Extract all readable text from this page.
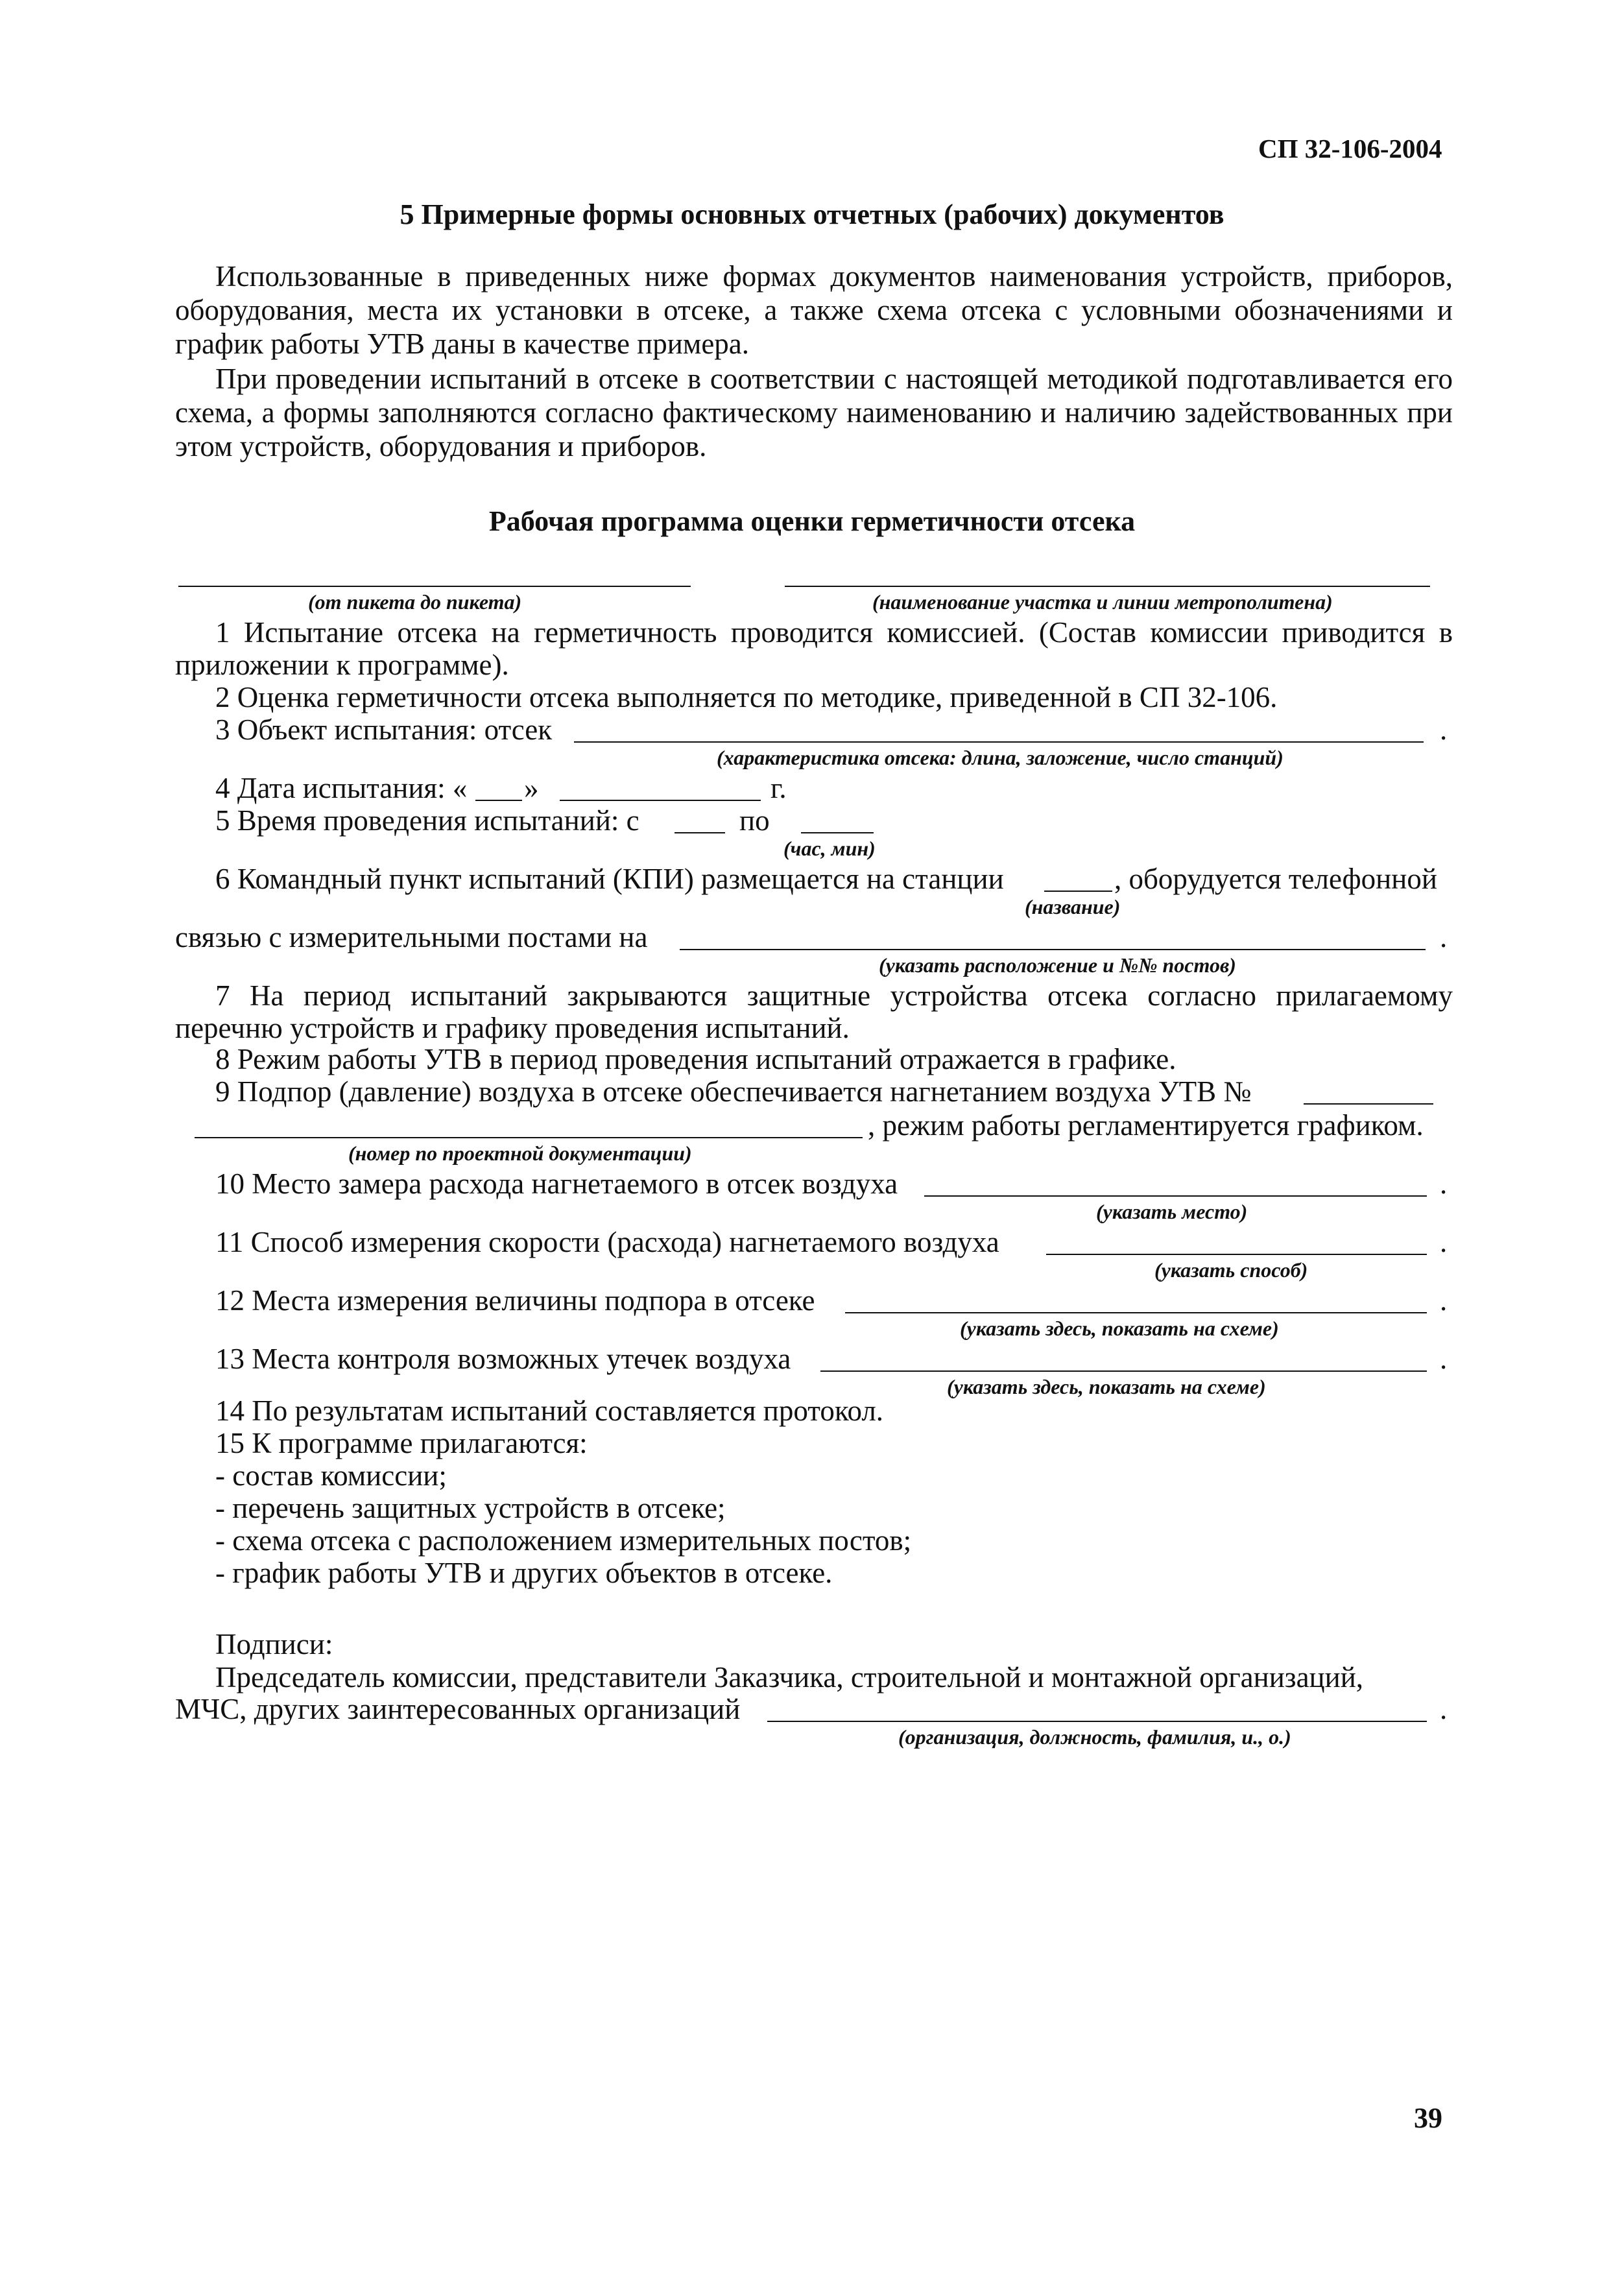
СП 32-106-2004
5 Примерные формы основных отчетных (рабочих) документов
Использованные в приведенных ниже формах документов наименования устройств, приборов, оборудования, места их установки в отсеке, а также схема отсека с условными обозначениями и график работы УТВ даны в качестве примера.
При проведении испытаний в отсеке в соответствии с настоящей методикой подготавливается его схема, а формы заполняются согласно фактическому наименованию и наличию задействованных при этом устройств, оборудования и приборов.
Рабочая программа оценки герметичности отсека
(от пикета до пикета)	(наименование участка и линии метрополитена)
1 Испытание отсека на герметичность проводится комиссией. (Состав комиссии приводится в приложении к программе).
2 Оценка герметичности отсека выполняется по методике, приведенной в СП 32-106.
3 Объект испытания: отсек	.
(характеристика отсека: длина, заложение, число станций)
4 Дата испытания: « »	г.
5 Время проведения испытаний: с	по
(час, мин)
6 Командный пункт испытаний (КПИ) размещается на станции	, оборудуется телефонной
(название)
связью с измерительными постами на	.
(указать расположение и №№ постов)
7 На период испытаний закрываются защитные устройства отсека согласно прилагаемому перечню устройств и графику проведения испытаний.
8 Режим работы УТВ в период проведения испытаний отражается в графике.
9 Подпор (давление) воздуха в отсеке обеспечивается нагнетанием воздуха УТВ №
, режим работы регламентируется графиком.
(номер по проектной документации)
10 Место замера расхода нагнетаемого в отсек воздуха	.
(указать место)
11 Способ измерения скорости (расхода) нагнетаемого воздуха	.
(указать способ)
12 Места измерения величины подпора в отсеке	.
(указать здесь, показать на схеме)
13 Места контроля возможных утечек воздуха	.
(указать здесь, показать на схеме)
14 По результатам испытаний составляется протокол.
15 К программе прилагаются:
- состав комиссии;
- перечень защитных устройств в отсеке;
- схема отсека с расположением измерительных постов;
- график работы УТВ и других объектов в отсеке.
Подписи:
Председатель комиссии, представители Заказчика, строительной и монтажной организаций,
МЧС, других заинтересованных организаций	.
(организация, должность, фамилия, и., о.)
39
